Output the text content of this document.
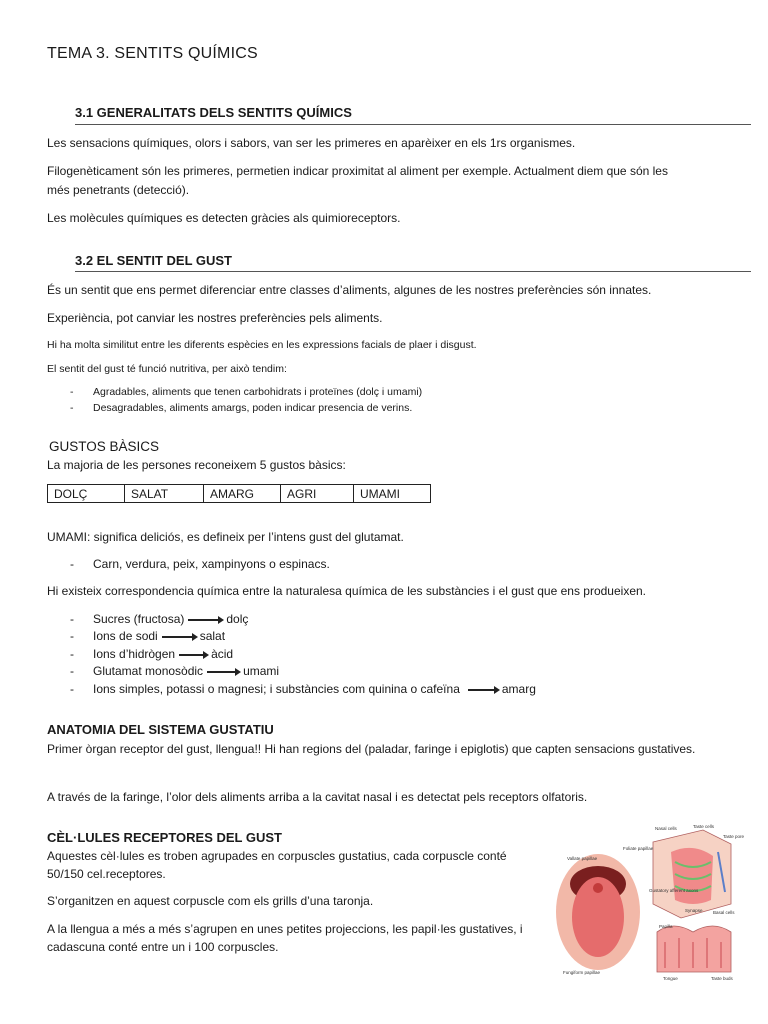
TEMA 3. SENTITS QUÍMICS
3.1 GENERALITATS DELS SENTITS QUÍMICS

Les sensacions químiques, olors i sabors, van ser les primeres en aparèixer en els 1rs organismes.

Filogenèticament són les primeres, permetien indicar proximitat al aliment per exemple. Actualment diem que són les

més penetrants (detecció).

Les molècules químiques es detecten gràcies als quimioreceptors.

3.2 EL SENTIT DEL GUST

És un sentit que ens permet diferenciar entre classes d’aliments, algunes de les nostres preferències són innates.

Experiència, pot canviar les nostres preferències pels aliments.

Hi ha molta similitut entre les diferents espècies en les expressions facials de plaer i disgust.

El sentit del gust té funció nutritiva, per això tendim:

- Agradables, aliments que tenen carbohidrats i proteïnes (dolç i umami)
- Desagradables, aliments amargs, poden indicar presencia de verins.
GUSTOS BÀSICS

La majoria de les persones reconeixem 5 gustos bàsics:

DOLÇ	SALAT	AMARG	AGRI	UMAMI

UMAMI: significa deliciós, es defineix per l’intens gust del glutamat.

- Carn, verdura, peix, xampinyons o espinacs.

Hi existeix correspondencia química entre la naturalesa química de les substàncies i el gust que ens produeixen.

- Sucres (fructosa)	dolç
- Ions de sodi	salat
- Ions d’hidrògen	àcid
- Glutamat monosòdic	umami
- Ions simples, potassi o magnesi; i substàncies com quinina o cafeïna	amarg
ANATOMIA DEL SISTEMA GUSTATIU

Primer òrgan receptor del gust, llengua!! Hi han regions del (paladar, faringe i epiglotis) que capten sensacions gustatives.

A través de la faringe, l’olor dels aliments arriba a la cavitat nasal i es detectat pels receptors olfatoris.

CÈL·LULES RECEPTORES DEL GUST

Aquestes cèl·lules es troben agrupades en corpuscles gustatius, cada corpuscle conté

50/150 cel.receptores.

S’organitzen en aquest corpuscle com els grills d’una taronja.

A la llengua a més a més s’agrupen en unes petites projeccions, les papil·les gustatives, i

cadascuna conté entre un i 100 corpuscles.

Vallate papillae
Foliate papillae
Fungiform papillae
Nasal cells	Taste cells
Taste pore
Gustatory afferent axons
Synapse Basal cells
Papilla
Tongue	Taste buds
